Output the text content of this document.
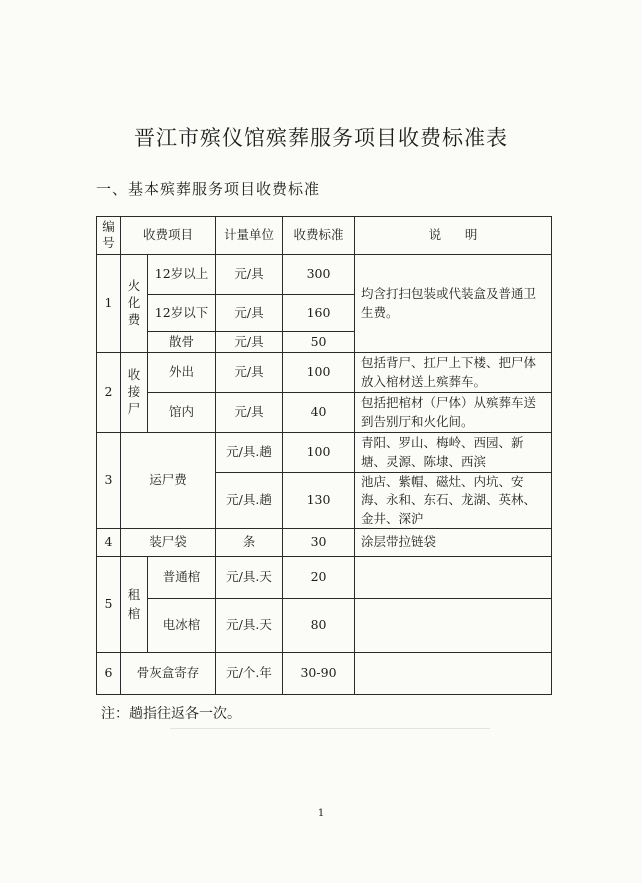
晋江市殡仪馆殡葬服务项目收费标准表
一、基本殡葬服务项目收费标准
编号	收费项目		计量单位	收费标准	说      明
1	火化费	12岁以上	元/具	300	均含打扫包装或代装盒及普通卫生费。
		12岁以下	元/具	160	
		散骨	元/具	50	
2	收接尸	外出	元/具	100	包括背尸、扛尸上下楼、把尸体放入棺材送上殡葬车。
		馆内	元/具	40	包括把棺材（尸体）从殡葬车送到告别厅和火化间。
3	运尸费		元/具.趟	100	青阳、罗山、梅岭、西园、新塘、灵源、陈埭、西滨
			元/具.趟	130	池店、紫帽、磁灶、内坑、安海、永和、东石、龙湖、英林、金井、深沪
4	装尸袋		条	30	涂层带拉链袋
5	租棺	普通棺	元/具.天	20	
		电冰棺	元/具.天	80	
6	骨灰盒寄存		元/个.年	30-90	
注：趟指往返各一次。
1
